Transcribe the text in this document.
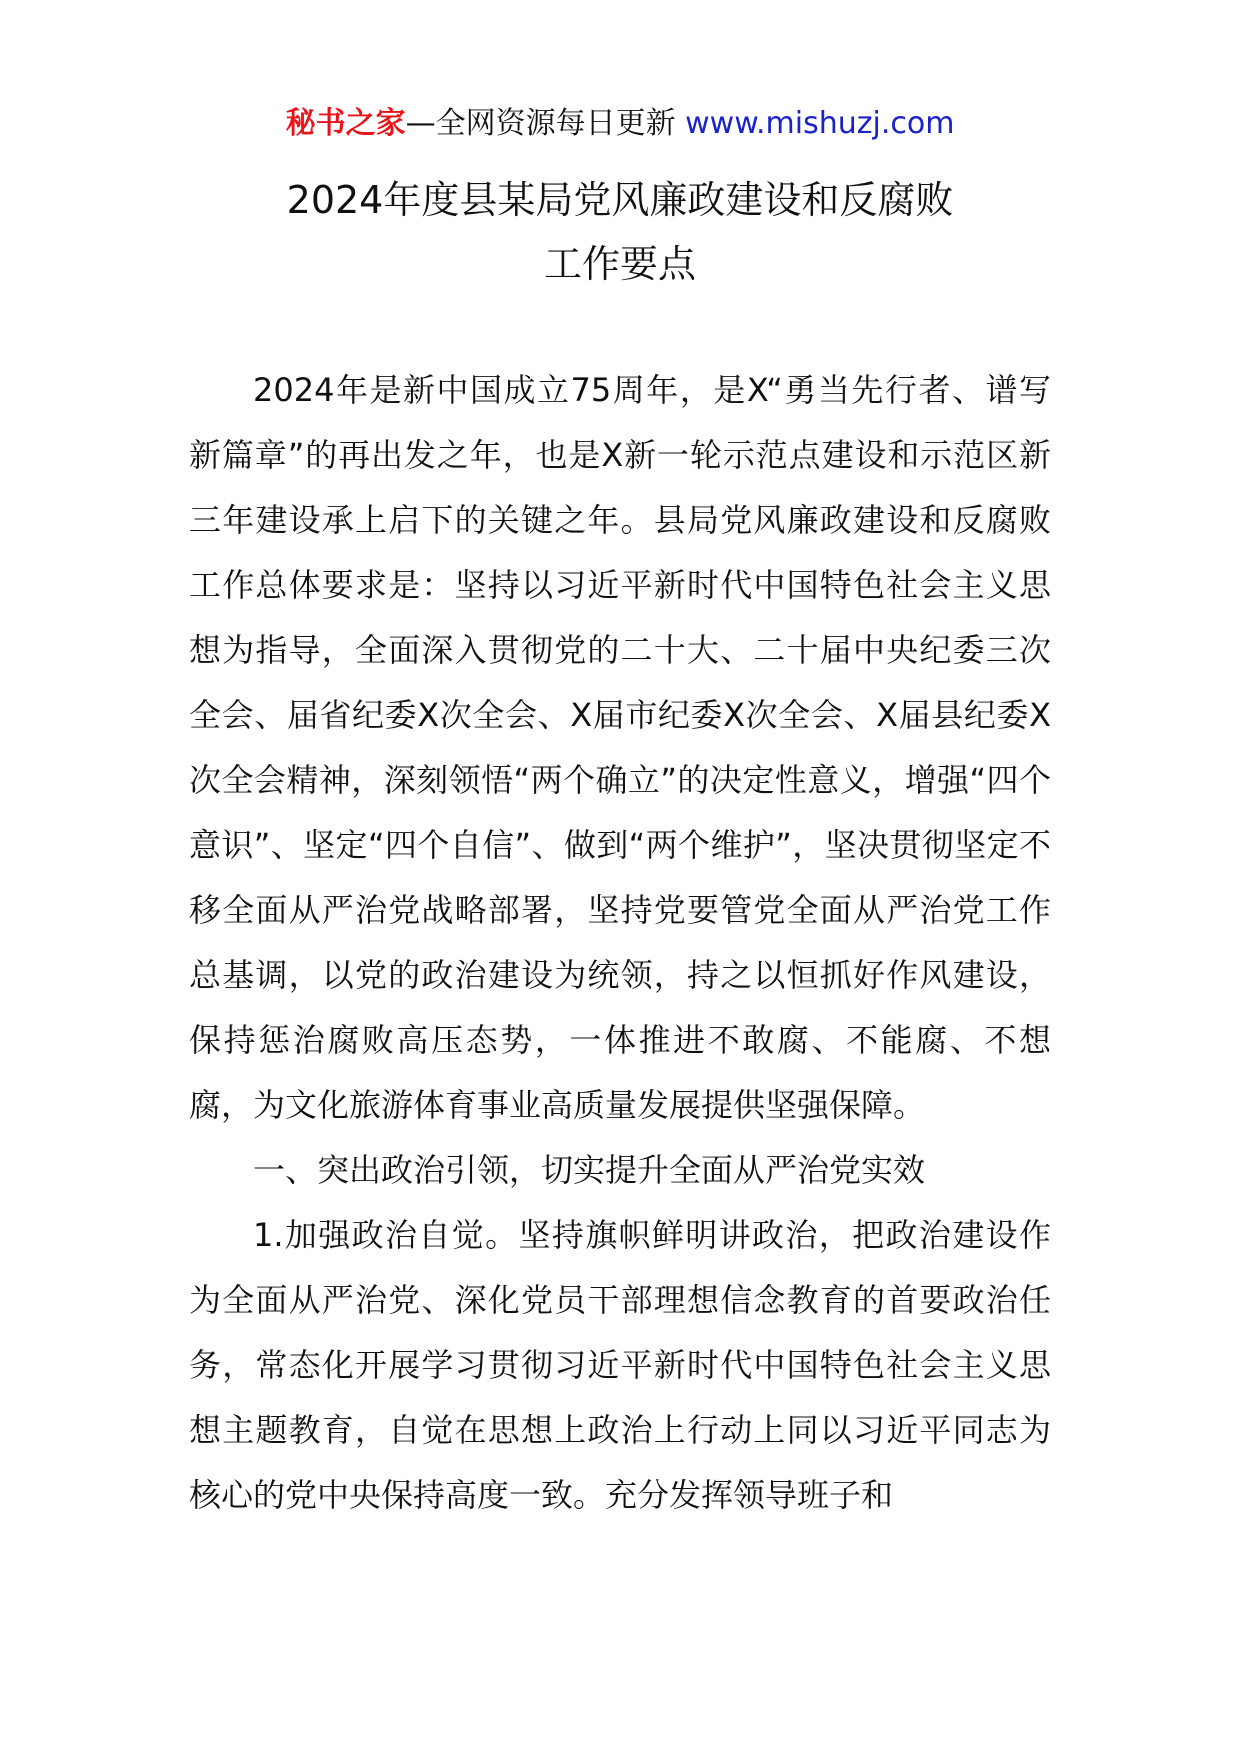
秘书之家—全网资源每日更新 www.mishuzj.com
2024年度县某局党风廉政建设和反腐败
工作要点

2024年是新中国成立75周年，是X“勇当先行者、谱写新篇章”的再出发之年，也是X新一轮示范点建设和示范区新三年建设承上启下的关键之年。县局党风廉政建设和反腐败工作总体要求是：坚持以习近平新时代中国特色社会主义思想为指导，全面深入贯彻党的二十大、二十届中央纪委三次全会、届省纪委X次全会、X届市纪委X次全会、X届县纪委X次全会精神，深刻领悟“两个确立”的决定性意义，增强“四个意识”、坚定“四个自信”、做到“两个维护”，坚决贯彻坚定不移全面从严治党战略部署，坚持党要管党全面从严治党工作总基调，以党的政治建设为统领，持之以恒抓好作风建设，保持惩治腐败高压态势，一体推进不敢腐、不能腐、不想腐，为文化旅游体育事业高质量发展提供坚强保障。

一、突出政治引领，切实提升全面从严治党实效

1.加强政治自觉。坚持旗帜鲜明讲政治，把政治建设作为全面从严治党、深化党员干部理想信念教育的首要政治任务，常态化开展学习贯彻习近平新时代中国特色社会主义思想主题教育，自觉在思想上政治上行动上同以习近平同志为核心的党中央保持高度一致。充分发挥领导班子和
